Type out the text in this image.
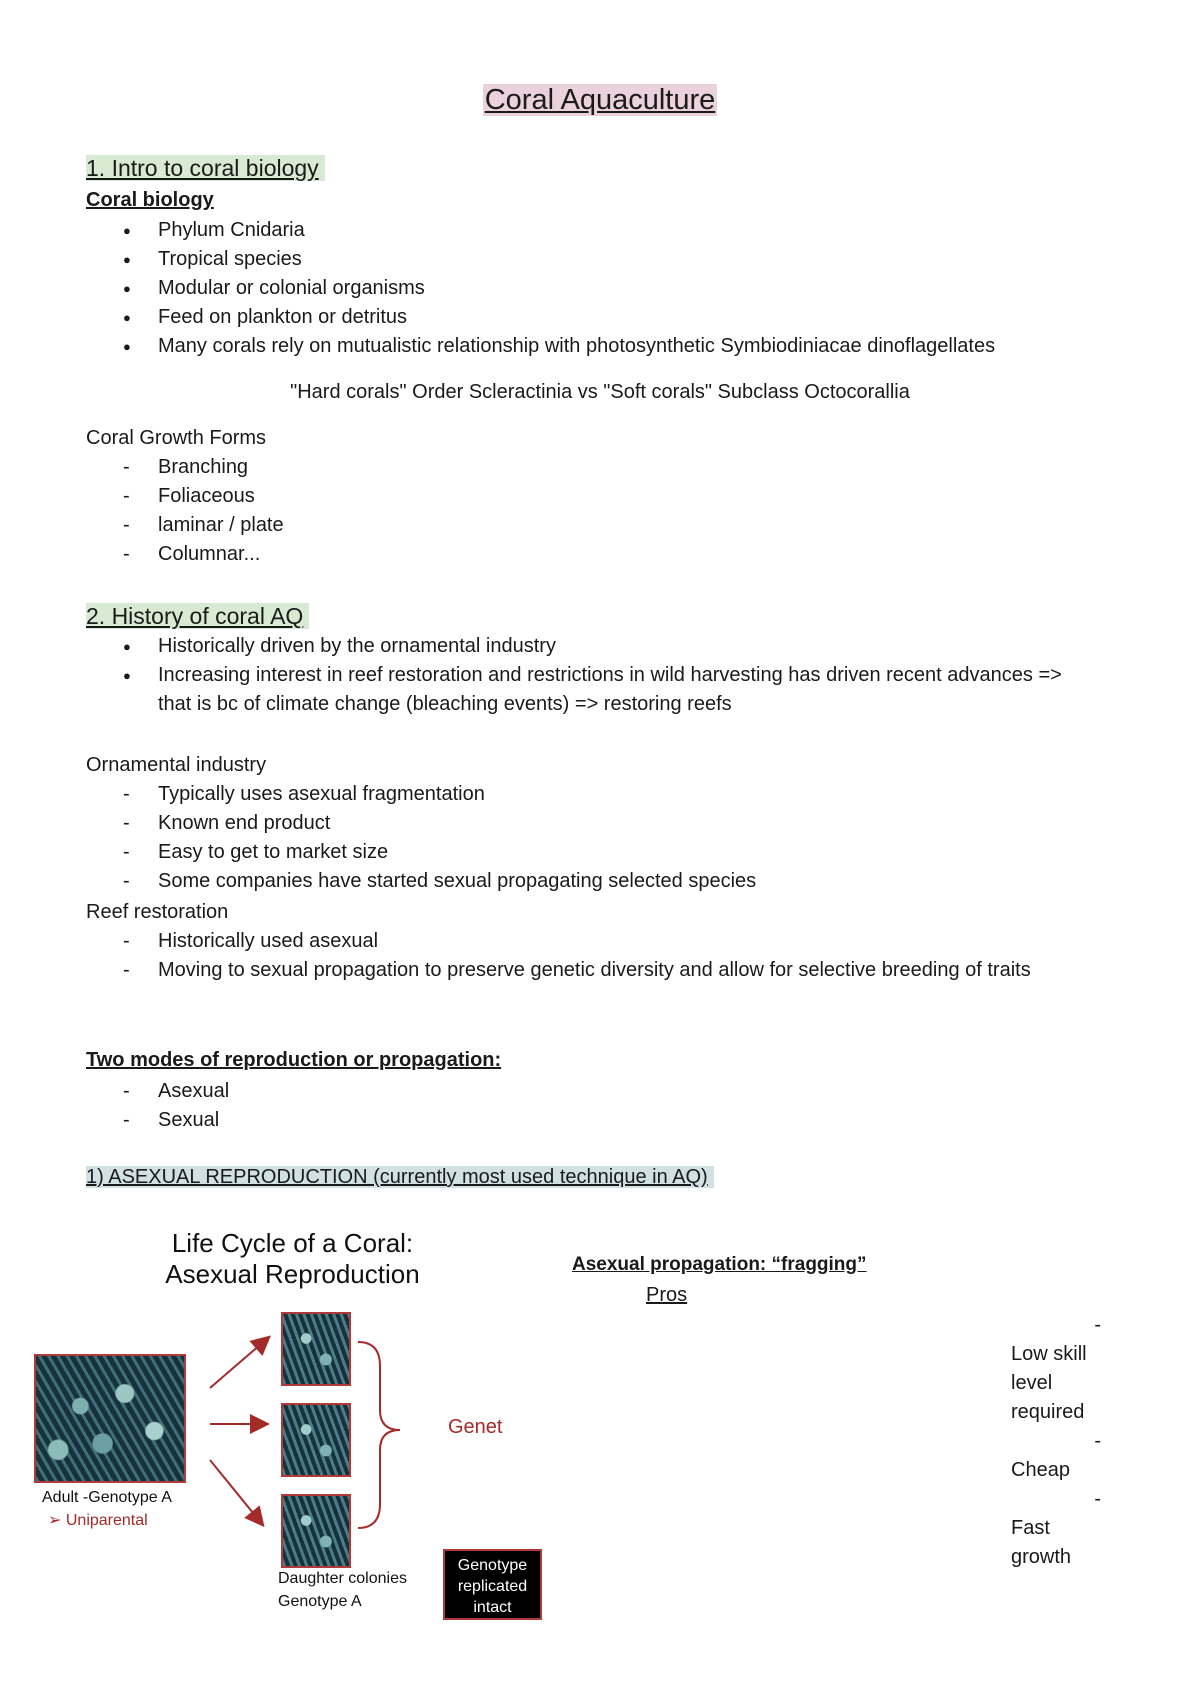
Coral Aquaculture
1. Intro to coral biology
Coral biology
● Phylum Cnidaria
● Tropical species
● Modular or colonial organisms
● Feed on plankton or detritus
● Many corals rely on mutualistic relationship with photosynthetic Symbiodiniacae dinoflagellates
"Hard corals" Order Scleractinia vs "Soft corals" Subclass Octocorallia
Coral Growth Forms
- Branching
- Foliaceous
- laminar / plate
- Columnar...
2. History of coral AQ
● Historically driven by the ornamental industry
● Increasing interest in reef restoration and restrictions in wild harvesting has driven recent advances => that is bc of climate change (bleaching events) => restoring reefs
Ornamental industry
- Typically uses asexual fragmentation
- Known end product
- Easy to get to market size
- Some companies have started sexual propagating selected species
Reef restoration
- Historically used asexual
- Moving to sexual propagation to preserve genetic diversity and allow for selective breeding of traits
Two modes of reproduction or propagation:
- Asexual
- Sexual
1) ASEXUAL REPRODUCTION (currently most used technique in AQ)
Life Cycle of a Coral:
Asexual Reproduction
Genet
Adult -Genotype A
➢ Uniparental
Daughter colonies
Genotype A
Genotype
replicated
intact
Asexual propagation: “fragging”
Pros
-
Low skill level required
-
Cheap
-
Fast growth
